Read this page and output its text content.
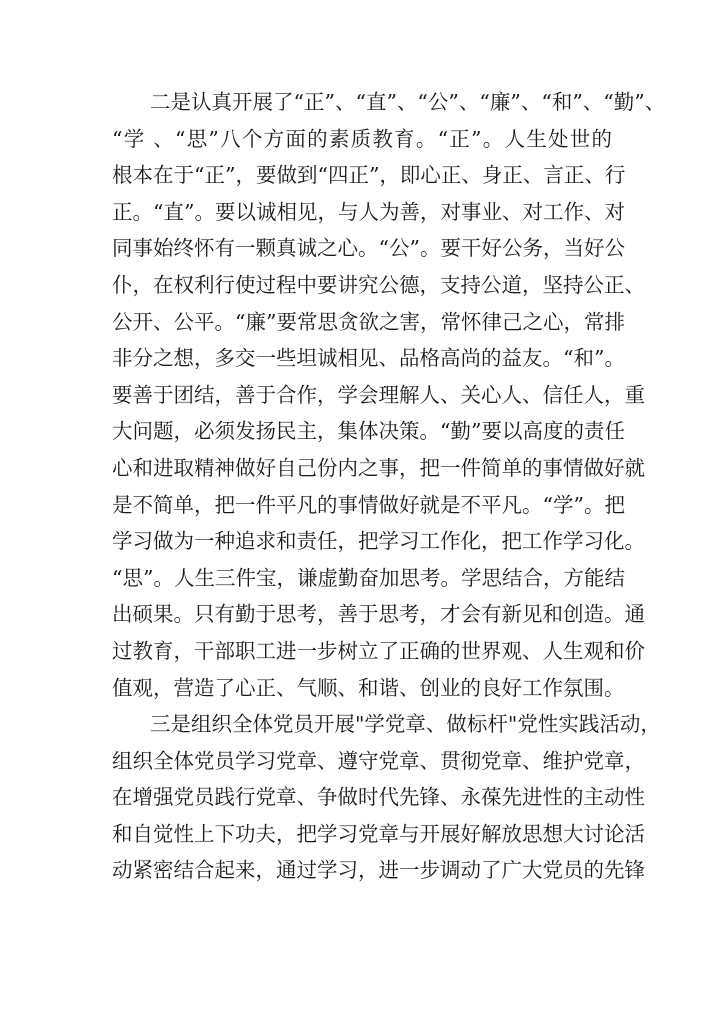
二是认真开展了“正”、“直”、“公”、“廉”、“和”、“勤”、
“学 、“思”八个方面的素质教育。“正”。人生处世的
根本在于“正”，要做到“四正”，即心正、身正、言正、行
正。“直”。要以诚相见，与人为善，对事业、对工作、对
同事始终怀有一颗真诚之心。“公”。要干好公务，当好公
仆，在权利行使过程中要讲究公德，支持公道，坚持公正、
公开、公平。“廉”要常思贪欲之害，常怀律己之心，常排
非分之想，多交一些坦诚相见、品格高尚的益友。“和”。
要善于团结，善于合作，学会理解人、关心人、信任人，重
大问题，必须发扬民主，集体决策。“勤”要以高度的责任
心和进取精神做好自己份内之事，把一件简单的事情做好就
是不简单，把一件平凡的事情做好就是不平凡。“学”。把
学习做为一种追求和责任，把学习工作化，把工作学习化。
“思”。人生三件宝，谦虚勤奋加思考。学思结合，方能结
出硕果。只有勤于思考，善于思考，才会有新见和创造。通
过教育，干部职工进一步树立了正确的世界观、人生观和价
值观，营造了心正、气顺、和谐、创业的良好工作氛围。
三是组织全体党员开展"学党章、做标杆"党性实践活动，
组织全体党员学习党章、遵守党章、贯彻党章、维护党章，
在增强党员践行党章、争做时代先锋、永葆先进性的主动性
和自觉性上下功夫，把学习党章与开展好解放思想大讨论活
动紧密结合起来，通过学习，进一步调动了广大党员的先锋
